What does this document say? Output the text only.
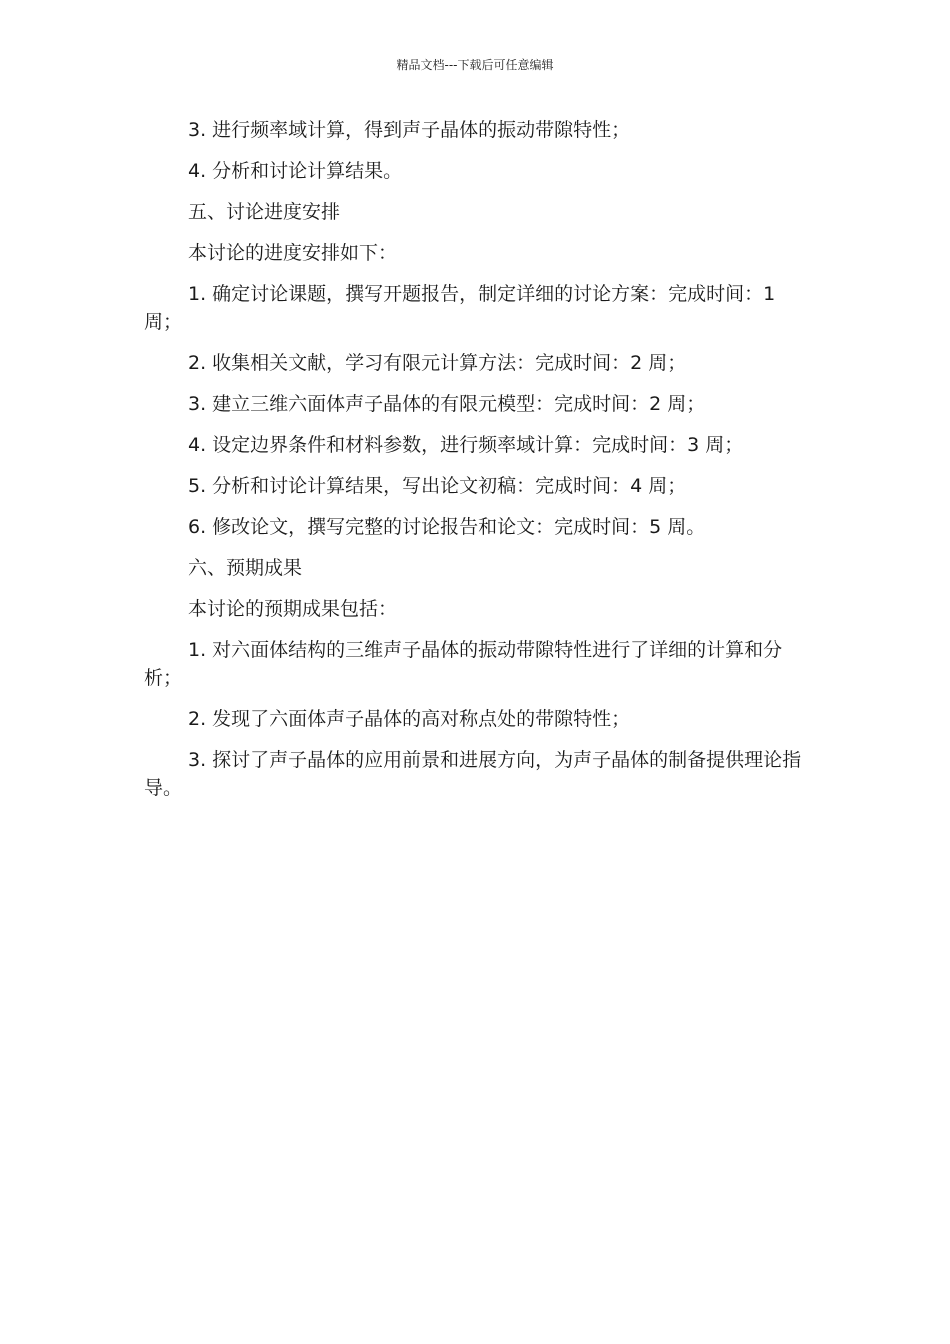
精品文档---下载后可任意编辑

3. 进行频率域计算，得到声子晶体的振动带隙特性；

4. 分析和讨论计算结果。

五、讨论进度安排

本讨论的进度安排如下：

1. 确定讨论课题，撰写开题报告，制定详细的讨论方案：完成时间：1 周；

2. 收集相关文献，学习有限元计算方法：完成时间：2 周；

3. 建立三维六面体声子晶体的有限元模型：完成时间：2 周；

4. 设定边界条件和材料参数，进行频率域计算：完成时间：3 周；

5. 分析和讨论计算结果，写出论文初稿：完成时间：4 周；

6. 修改论文，撰写完整的讨论报告和论文：完成时间：5 周。

六、预期成果

本讨论的预期成果包括：

1. 对六面体结构的三维声子晶体的振动带隙特性进行了详细的计算和分析；

2. 发现了六面体声子晶体的高对称点处的带隙特性；

3. 探讨了声子晶体的应用前景和进展方向，为声子晶体的制备提供理论指导。
